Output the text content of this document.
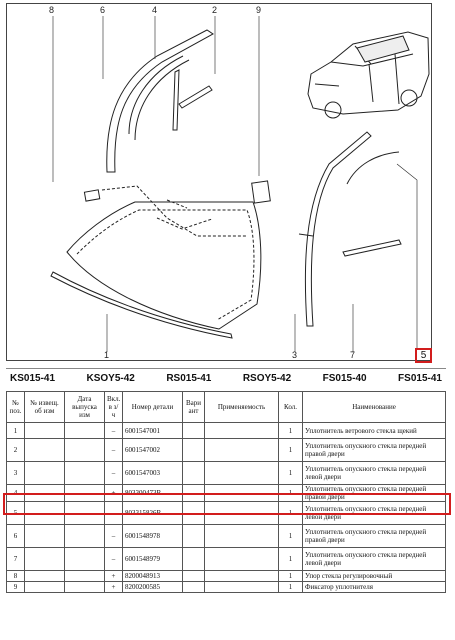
8	6	4	2	9
1	3	7	5
KS015-41	KSOY5-42	RS015-41	RSOY5-42	FS015-40	FS015-41
№ поз.	№ извещ. об изм	Дата выпуска изм	Вкл. в з/ч	Номер детали	Вари ант	Применяемость	Кол.	Наименование
1			–	6001547001			1	Уплотнитель ветрового стекла щекий
2			–	6001547002			1	Уплотнитель опускного стекла передней правой двери
3			–	6001547003			1	Уплотнитель опускного стекла передней левой двери
4			+	803300473R			1	Уплотнитель опускного стекла передней правой двери
5			–	803315826R			1	Уплотнитель опускного стекла передней левой двери
6			–	6001548978			1	Уплотнитель опускного стекла передней правой двери
7			–	6001548979			1	Уплотнитель опускного стекла передней левой двери
8			+	8200048913			1	Упор стекла регулировочный
9			+	8200200585			1	Фиксатор уплотнителя
